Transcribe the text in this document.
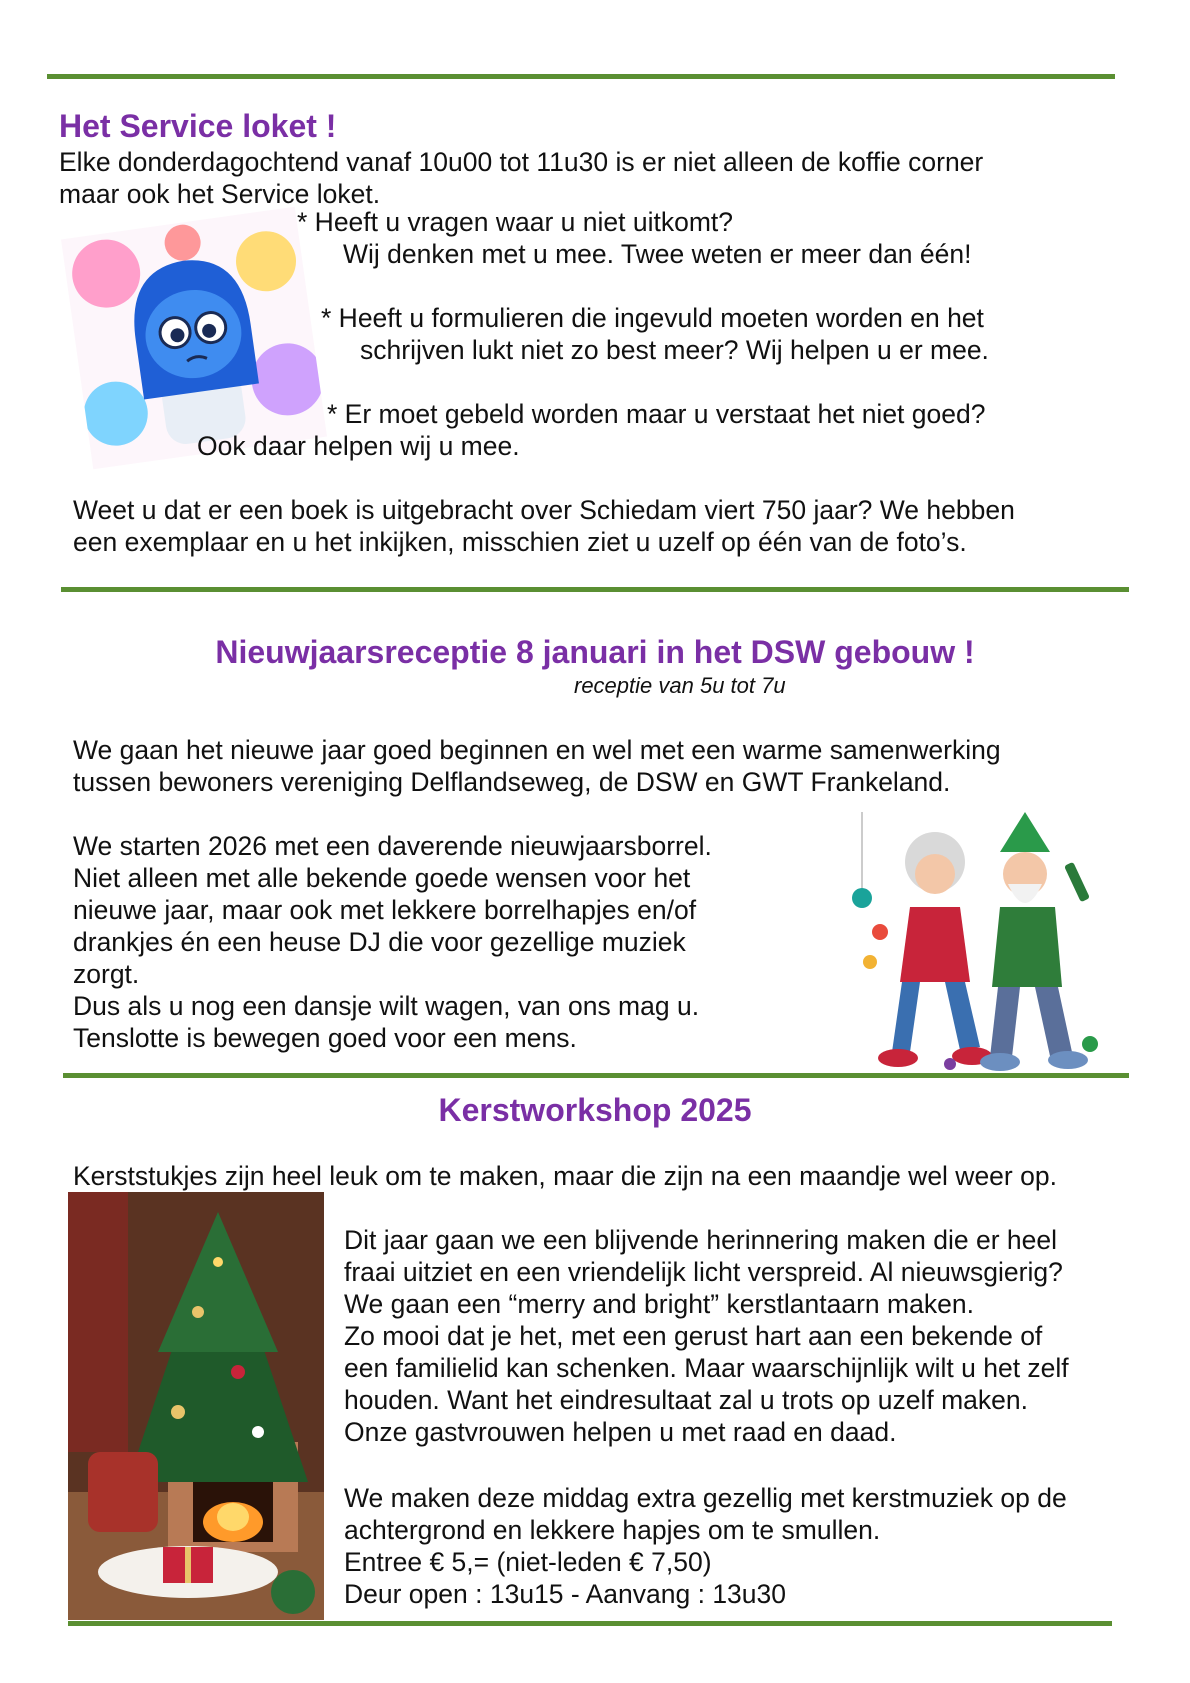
Het Service loket !
Elke donderdagochtend vanaf 10u00 tot 11u30 is er niet alleen de koffie corner
maar ook het Service loket.
* Heeft u vragen waar u niet uitkomt?
Wij denken met u mee. Twee weten er meer dan één!
* Heeft u formulieren die ingevuld moeten worden en het
schrijven lukt niet zo best meer? Wij helpen u er mee.
* Er moet gebeld worden maar u verstaat het niet goed?
Ook daar helpen wij u mee.
Weet u dat er een boek is uitgebracht over Schiedam viert 750 jaar? We hebben
een exemplaar en u het inkijken, misschien ziet u uzelf op één van de foto’s.
Nieuwjaarsreceptie 8 januari in het DSW gebouw !
receptie van 5u tot 7u
We gaan het nieuwe jaar goed beginnen en wel met een warme samenwerking
tussen bewoners vereniging Delflandseweg, de DSW en GWT Frankeland.
We starten 2026 met een daverende nieuwjaarsborrel.
Niet alleen met alle bekende goede wensen voor het
nieuwe jaar, maar ook met lekkere borrelhapjes en/of
drankjes én een heuse DJ die voor gezellige muziek
zorgt.
Dus als u nog een dansje wilt wagen, van ons mag u.
Tenslotte is bewegen goed voor een mens.
Kerstworkshop 2025
Kerststukjes zijn heel leuk om te maken, maar die zijn na een maandje wel weer op.
Dit jaar gaan we een blijvende herinnering maken die er heel
fraai uitziet en een vriendelijk licht verspreid. Al nieuwsgierig?
We gaan een “merry and bright” kerstlantaarn maken.
Zo mooi dat je het, met een gerust hart aan een bekende of
een familielid kan schenken. Maar waarschijnlijk wilt u het zelf
houden. Want het eindresultaat zal u trots op uzelf maken.
Onze gastvrouwen helpen u met raad en daad.
We maken deze middag extra gezellig met kerstmuziek op de
achtergrond en lekkere hapjes om te smullen.
Entree € 5,= (niet-leden € 7,50)
Deur open : 13u15 - Aanvang : 13u30
